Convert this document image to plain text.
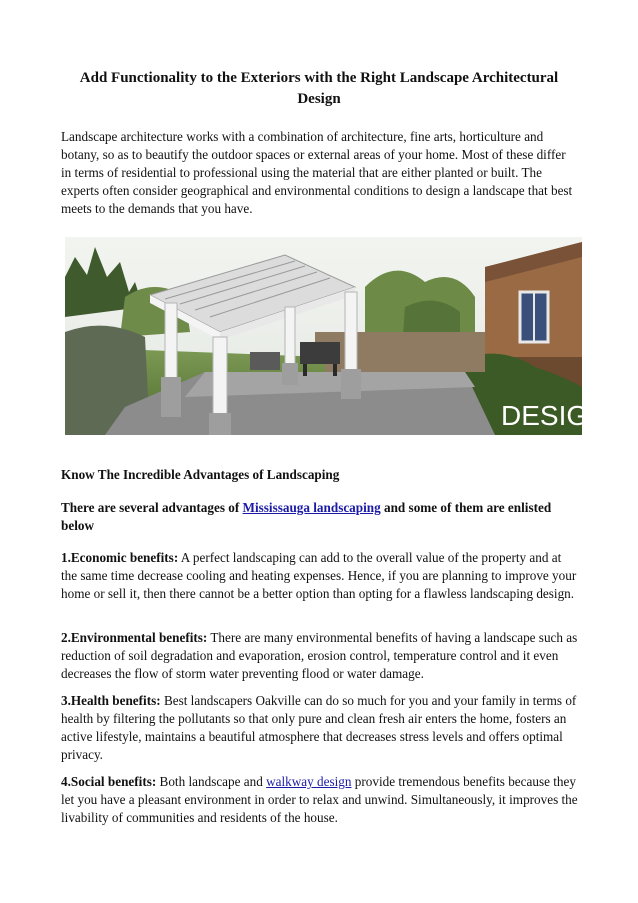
Add Functionality to the Exteriors with the Right Landscape Architectural Design

Landscape architecture works with a combination of architecture, fine arts, horticulture and botany, so as to beautify the outdoor spaces or external areas of your home. Most of these differ in terms of residential to professional using the material that are either planted or built. The experts often consider geographical and environmental conditions to design a landscape that best meets to the demands that you have.

DESIGN

Know The Incredible Advantages of Landscaping

There are several advantages of Mississauga landscaping and some of them are enlisted below

1.Economic benefits: A perfect landscaping can add to the overall value of the property and at the same time decrease cooling and heating expenses. Hence, if you are planning to improve your home or sell it, then there cannot be a better option than opting for a flawless landscaping design.

2.Environmental benefits: There are many environmental benefits of having a landscape such as reduction of soil degradation and evaporation, erosion control, temperature control and it even decreases the flow of storm water preventing flood or water damage.

3.Health benefits: Best landscapers Oakville can do so much for you and your family in terms of health by filtering the pollutants so that only pure and clean fresh air enters the home, fosters an active lifestyle, maintains a beautiful atmosphere that decreases stress levels and offers optimal privacy.

4.Social benefits: Both landscape and walkway design provide tremendous benefits because they let you have a pleasant environment in order to relax and unwind. Simultaneously, it improves the livability of communities and residents of the house.
